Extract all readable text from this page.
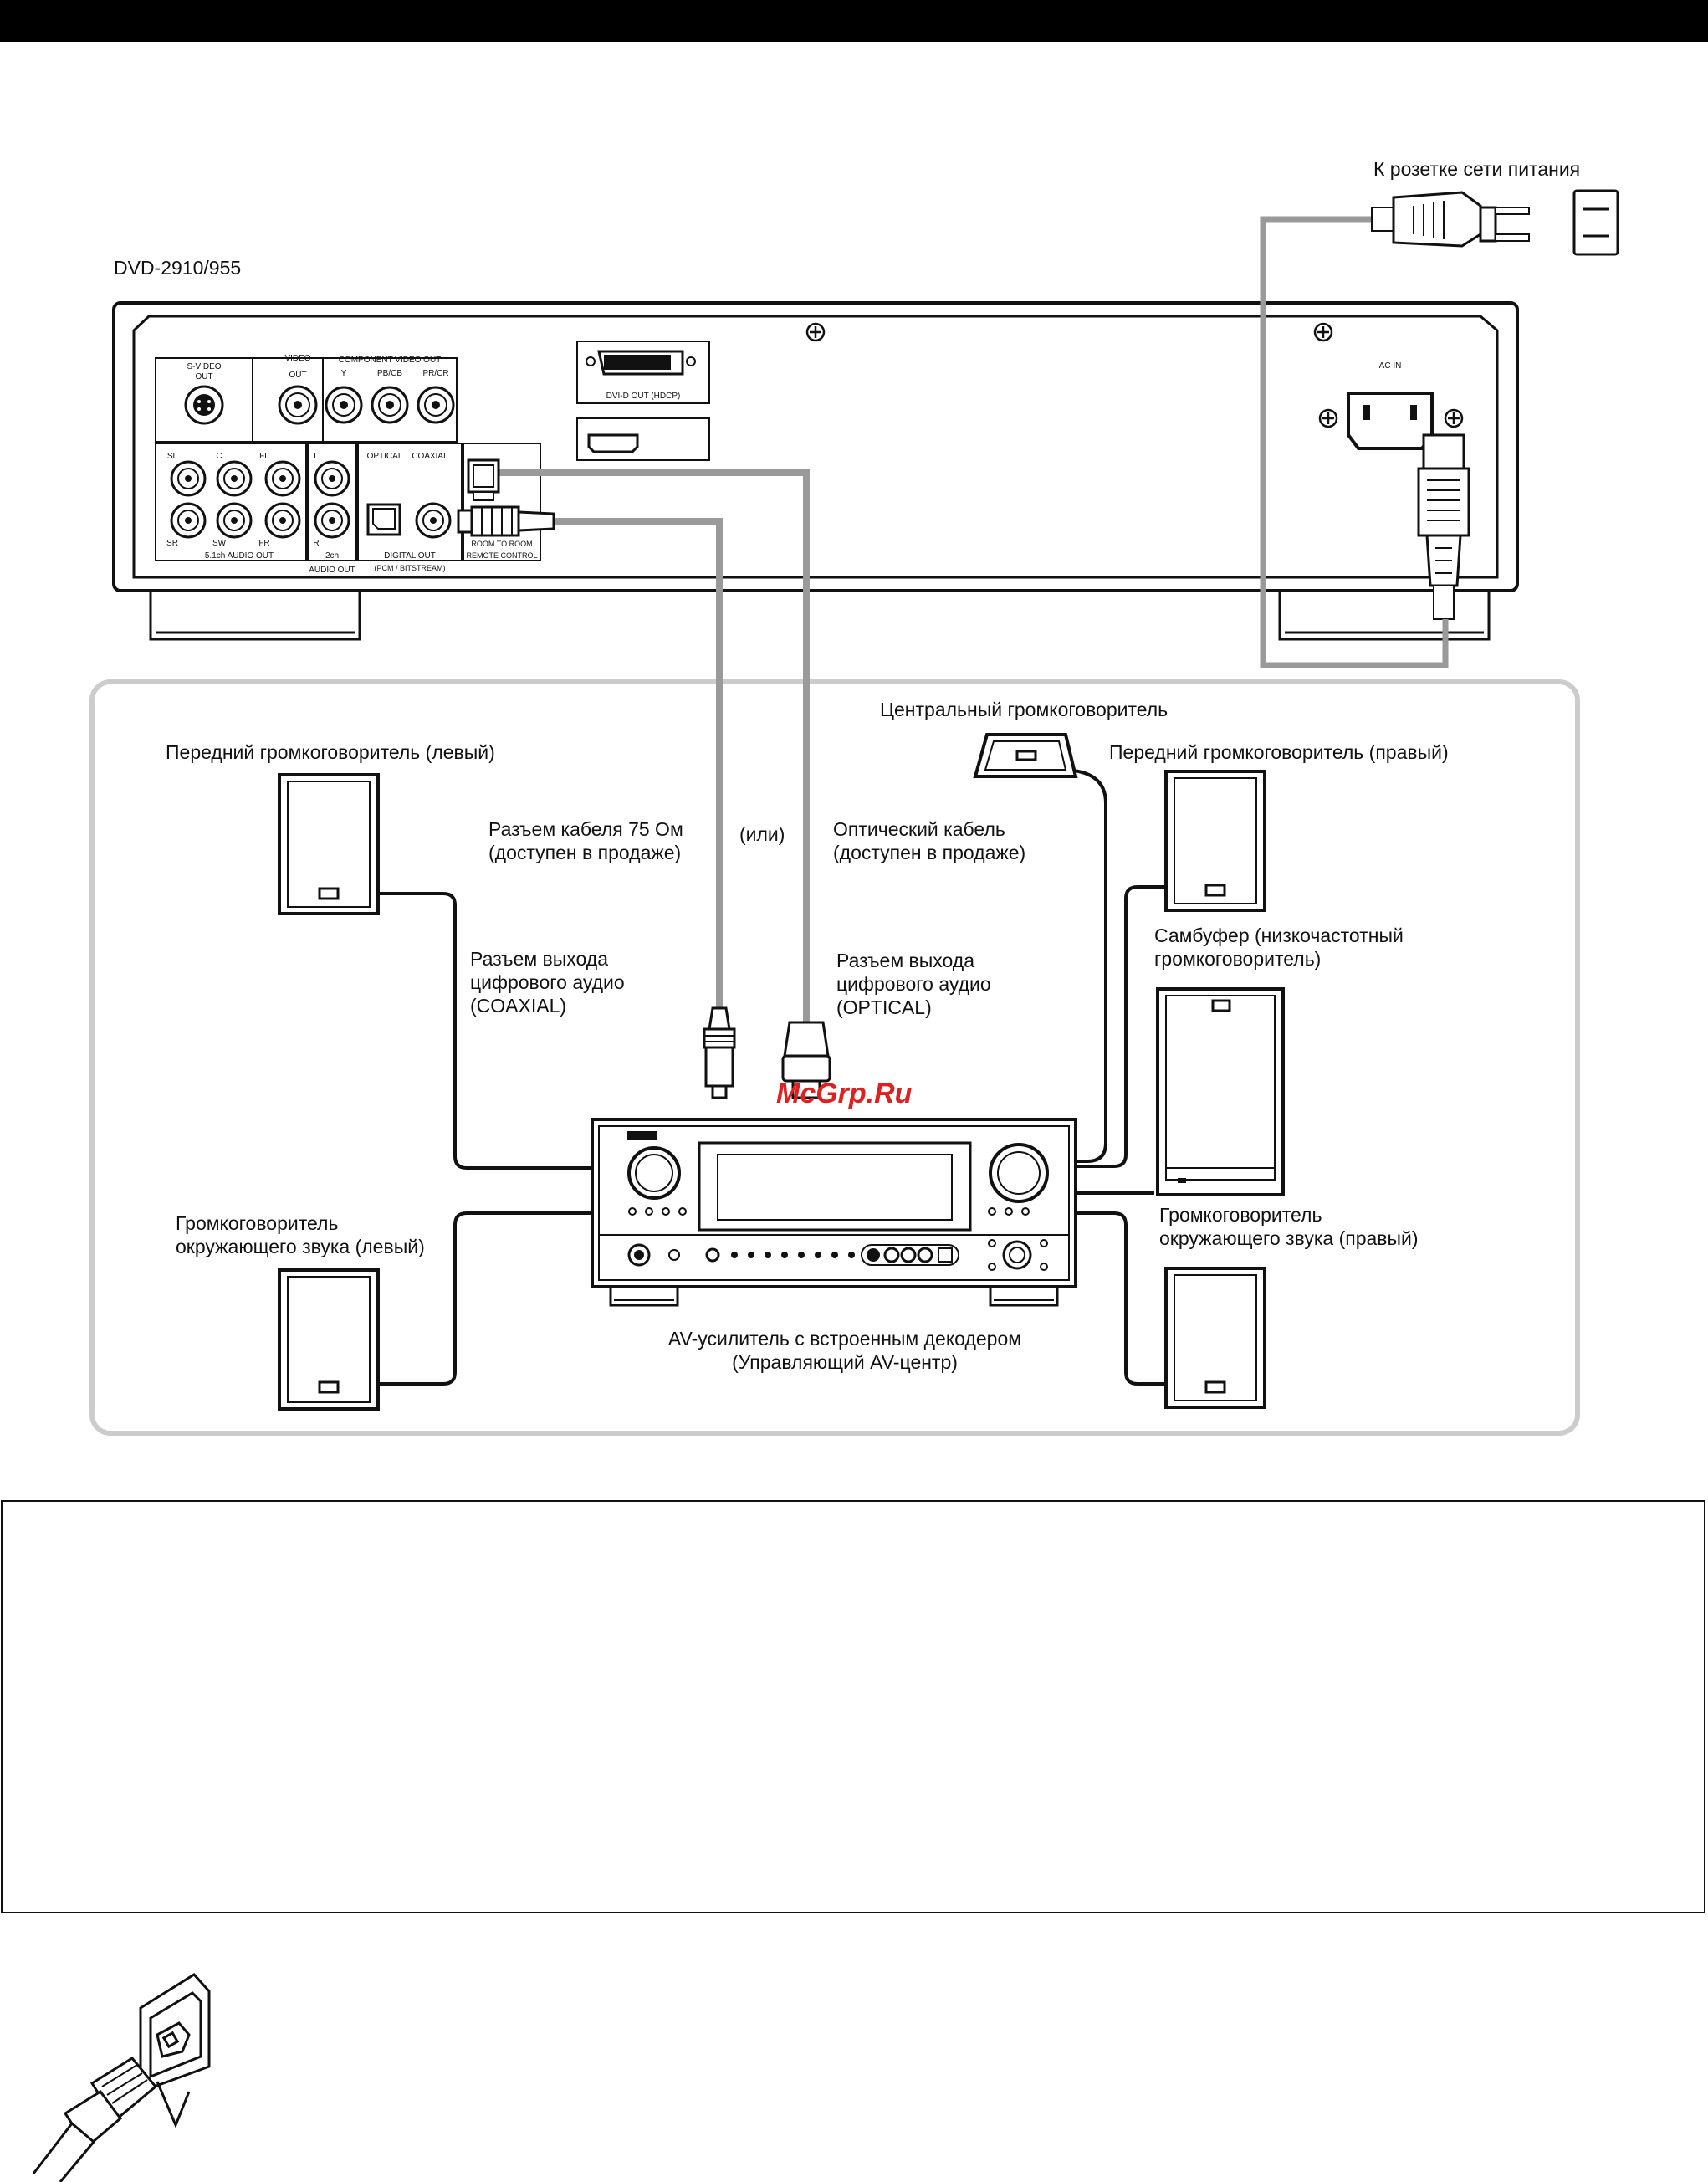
DVD-2910/955
S-VIDEO
OUT
VIDEO
OUT
COMPONENT VIDEO OUT
Y	PB/CB PR/CR
SL	C	FL
SR	SW	FR
5.1ch AUDIO OUT
L
R
2ch
AUDIO OUT
OPTICAL COAXIAL
DIGITAL OUT
(PCM / BITSTREAM)
ROOM TO ROOM
REMOTE CONTROL
DVI-D OUT (HDCP)
AC IN
К розетке сети питания
Центральный громкоговоритель
Передний громкоговоритель (левый)	Передний громкоговоритель (правый)
Разъем кабеля 75 Ом
(доступен в продаже)
(или)	Оптический кабель
(доступен в продаже)
Самбуфер (низкочастотный
громкоговоритель)
Разъем выхода
цифрового аудио
(COAXIAL)
Разъем выхода
цифрового аудио
(OPTICAL)
Громкоговоритель
окружающего звука (левый)
Громкоговоритель
окружающего звука (правый)
AV-усилитель с встроенным декодером
(Управляющий AV-центр)
McGrp.Ru
